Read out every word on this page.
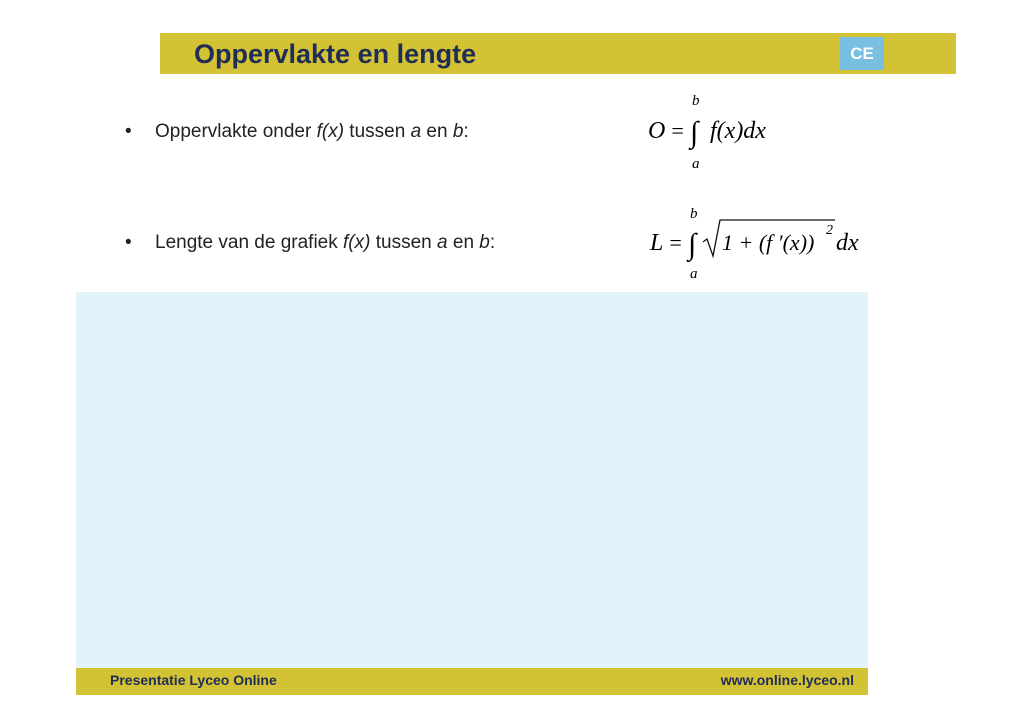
Oppervlakte en lengte	CE
• Oppervlakte onder f(x) tussen a en b:	O = ∫
b
a
f(x)dx
• Lengte van de grafiek f(x) tussen a en b:	L = ∫
b
a
1 + (f ′(x)) 2 dx
Presentatie Lyceo Online	www.online.lyceo.nl
